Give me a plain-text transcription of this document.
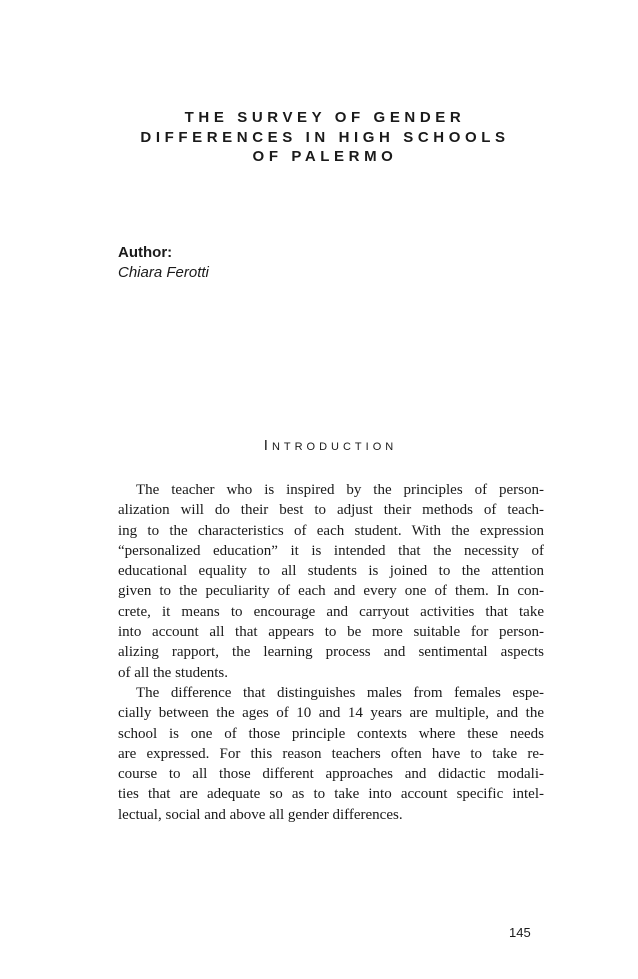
THE SURVEY OF GENDER
DIFFERENCES IN HIGH SCHOOLS
OF PALERMO
Author:
Chiara Ferotti
INTRODUCTION
The teacher who is inspired by the principles of person-
alization will do their best to adjust their methods of teach-
ing to the characteristics of each student. With the expression
“personalized education” it is intended that the necessity of
educational equality to all students is joined to the attention
given to the peculiarity of each and every one of them. In con-
crete, it means to encourage and carryout activities that take
into account all that appears to be more suitable for person-
alizing rapport, the learning process and sentimental aspects
of all the students.
The difference that distinguishes males from females espe-
cially between the ages of 10 and 14 years are multiple, and the
school is one of those principle contexts where these needs
are expressed. For this reason teachers often have to take re-
course to all those different approaches and didactic modali-
ties that are adequate so as to take into account specific intel-
lectual, social and above all gender differences.
145
